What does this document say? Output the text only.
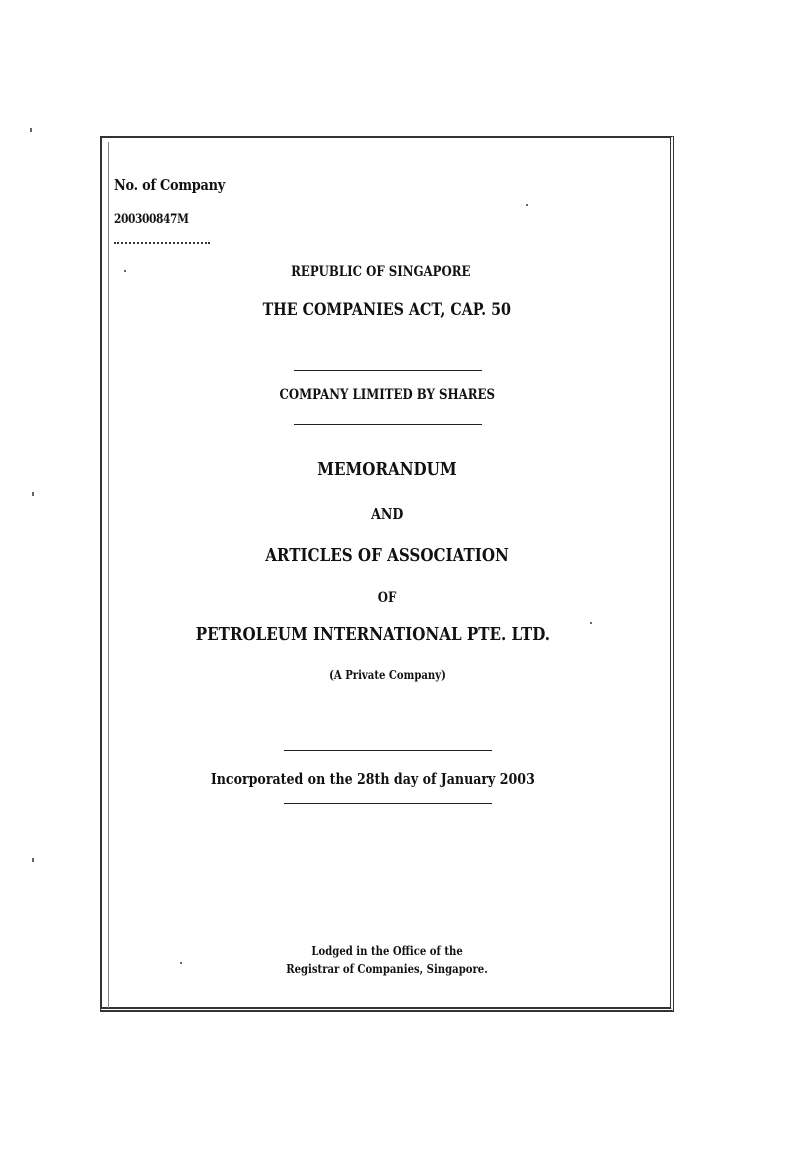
No. of Company
200300847M
REPUBLIC OF SINGAPORE
THE COMPANIES ACT, CAP. 50
COMPANY LIMITED BY SHARES
MEMORANDUM
AND
ARTICLES OF ASSOCIATION
OF
PETROLEUM INTERNATIONAL PTE. LTD.
(A Private Company)
Incorporated on the 28th day of January 2003
Lodged in the Office of the
Registrar of Companies, Singapore.
